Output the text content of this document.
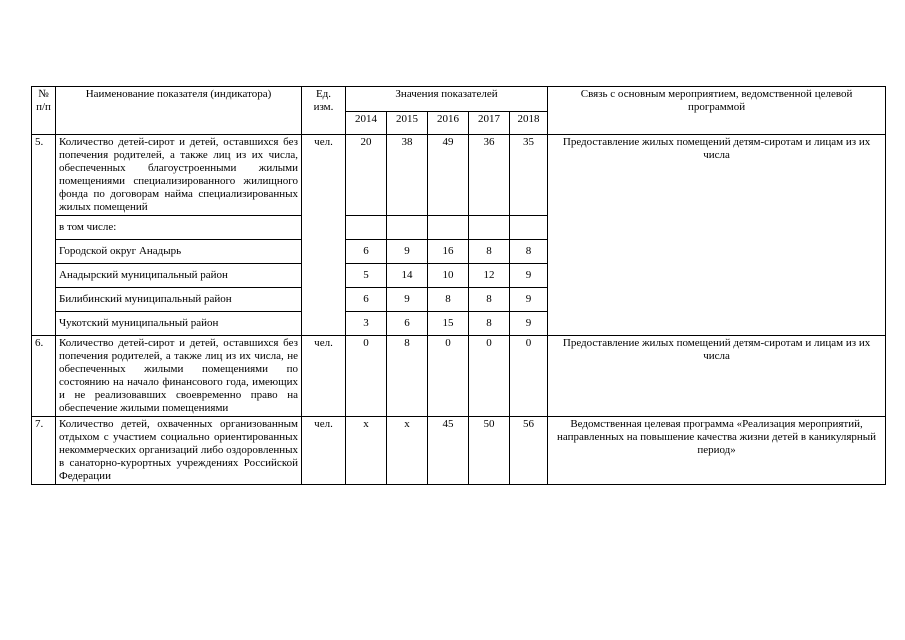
№ п/п	Наименование показателя (индикатора)	Ед. изм.	Значения показателей					Связь с основным мероприятием, ведомственной целевой программой
			2014	2015	2016	2017	2018	
5.	Количество детей-сирот и детей, оставшихся без попечения родителей, а также лиц из их числа, обеспеченных благоустроенными жилыми помещениями специализированного жилищного фонда по договорам найма специализированных жилых помещений	чел.	20	38	49	36	35	Предоставление жилых помещений детям-сиротам и лицам из их числа
	в том числе:							
	Городской округ Анадырь		6	9	16	8	8	
	Анадырский муниципальный район		5	14	10	12	9	
	Билибинский муниципальный район		6	9	8	8	9	
	Чукотский муниципальный район		3	6	15	8	9	
6.	Количество детей-сирот и детей, оставшихся без попечения родителей, а также лиц из их числа, не обеспеченных жилыми помещениями по состоянию на начало финансового года, имеющих и не реализовавших своевременно право на обеспечение жилыми помещениями	чел.	0	8	0	0	0	Предоставление жилых помещений детям-сиротам и лицам из их числа
7.	Количество детей, охваченных организованным отдыхом с участием социально ориентированных некоммерческих организаций либо оздоровленных в санаторно-курортных учреждениях Российской Федерации	чел.	х	х	45	50	56	Ведомственная целевая программа «Реализация мероприятий, направленных на повышение качества жизни детей в каникулярный период»
